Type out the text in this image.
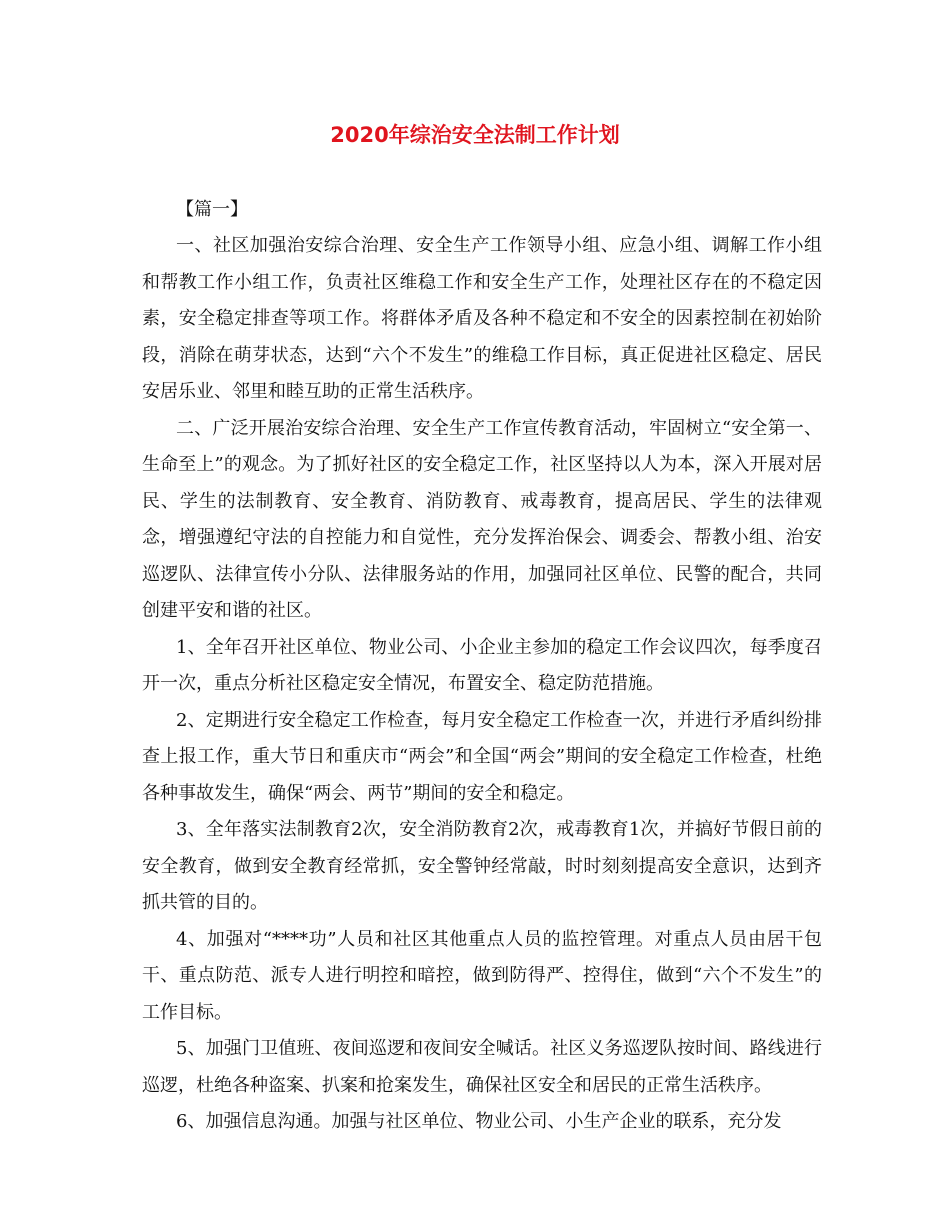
2020年综治安全法制工作计划

【篇一】

一、社区加强治安综合治理、安全生产工作领导小组、应急小组、调解工作小组和帮教工作小组工作，负责社区维稳工作和安全生产工作，处理社区存在的不稳定因素，安全稳定排查等项工作。将群体矛盾及各种不稳定和不安全的因素控制在初始阶段，消除在萌芽状态，达到“六个不发生”的维稳工作目标，真正促进社区稳定、居民安居乐业、邻里和睦互助的正常生活秩序。

二、广泛开展治安综合治理、安全生产工作宣传教育活动，牢固树立“安全第一、生命至上”的观念。为了抓好社区的安全稳定工作，社区坚持以人为本，深入开展对居民、学生的法制教育、安全教育、消防教育、戒毒教育，提高居民、学生的法律观念，增强遵纪守法的自控能力和自觉性，充分发挥治保会、调委会、帮教小组、治安巡逻队、法律宣传小分队、法律服务站的作用，加强同社区单位、民警的配合，共同创建平安和谐的社区。

1、全年召开社区单位、物业公司、小企业主参加的稳定工作会议四次，每季度召开一次，重点分析社区稳定安全情况，布置安全、稳定防范措施。

2、定期进行安全稳定工作检查，每月安全稳定工作检查一次，并进行矛盾纠纷排查上报工作，重大节日和重庆市“两会”和全国“两会”期间的安全稳定工作检查，杜绝各种事故发生，确保“两会、两节”期间的安全和稳定。

3、全年落实法制教育2次，安全消防教育2次，戒毒教育1次，并搞好节假日前的安全教育，做到安全教育经常抓，安全警钟经常敲，时时刻刻提高安全意识，达到齐抓共管的目的。

4、加强对“****功”人员和社区其他重点人员的监控管理。对重点人员由居干包干、重点防范、派专人进行明控和暗控，做到防得严、控得住，做到“六个不发生”的工作目标。

5、加强门卫值班、夜间巡逻和夜间安全喊话。社区义务巡逻队按时间、路线进行巡逻，杜绝各种盗案、扒案和抢案发生，确保社区安全和居民的正常生活秩序。

6、加强信息沟通。加强与社区单位、物业公司、小生产企业的联系，充分发
